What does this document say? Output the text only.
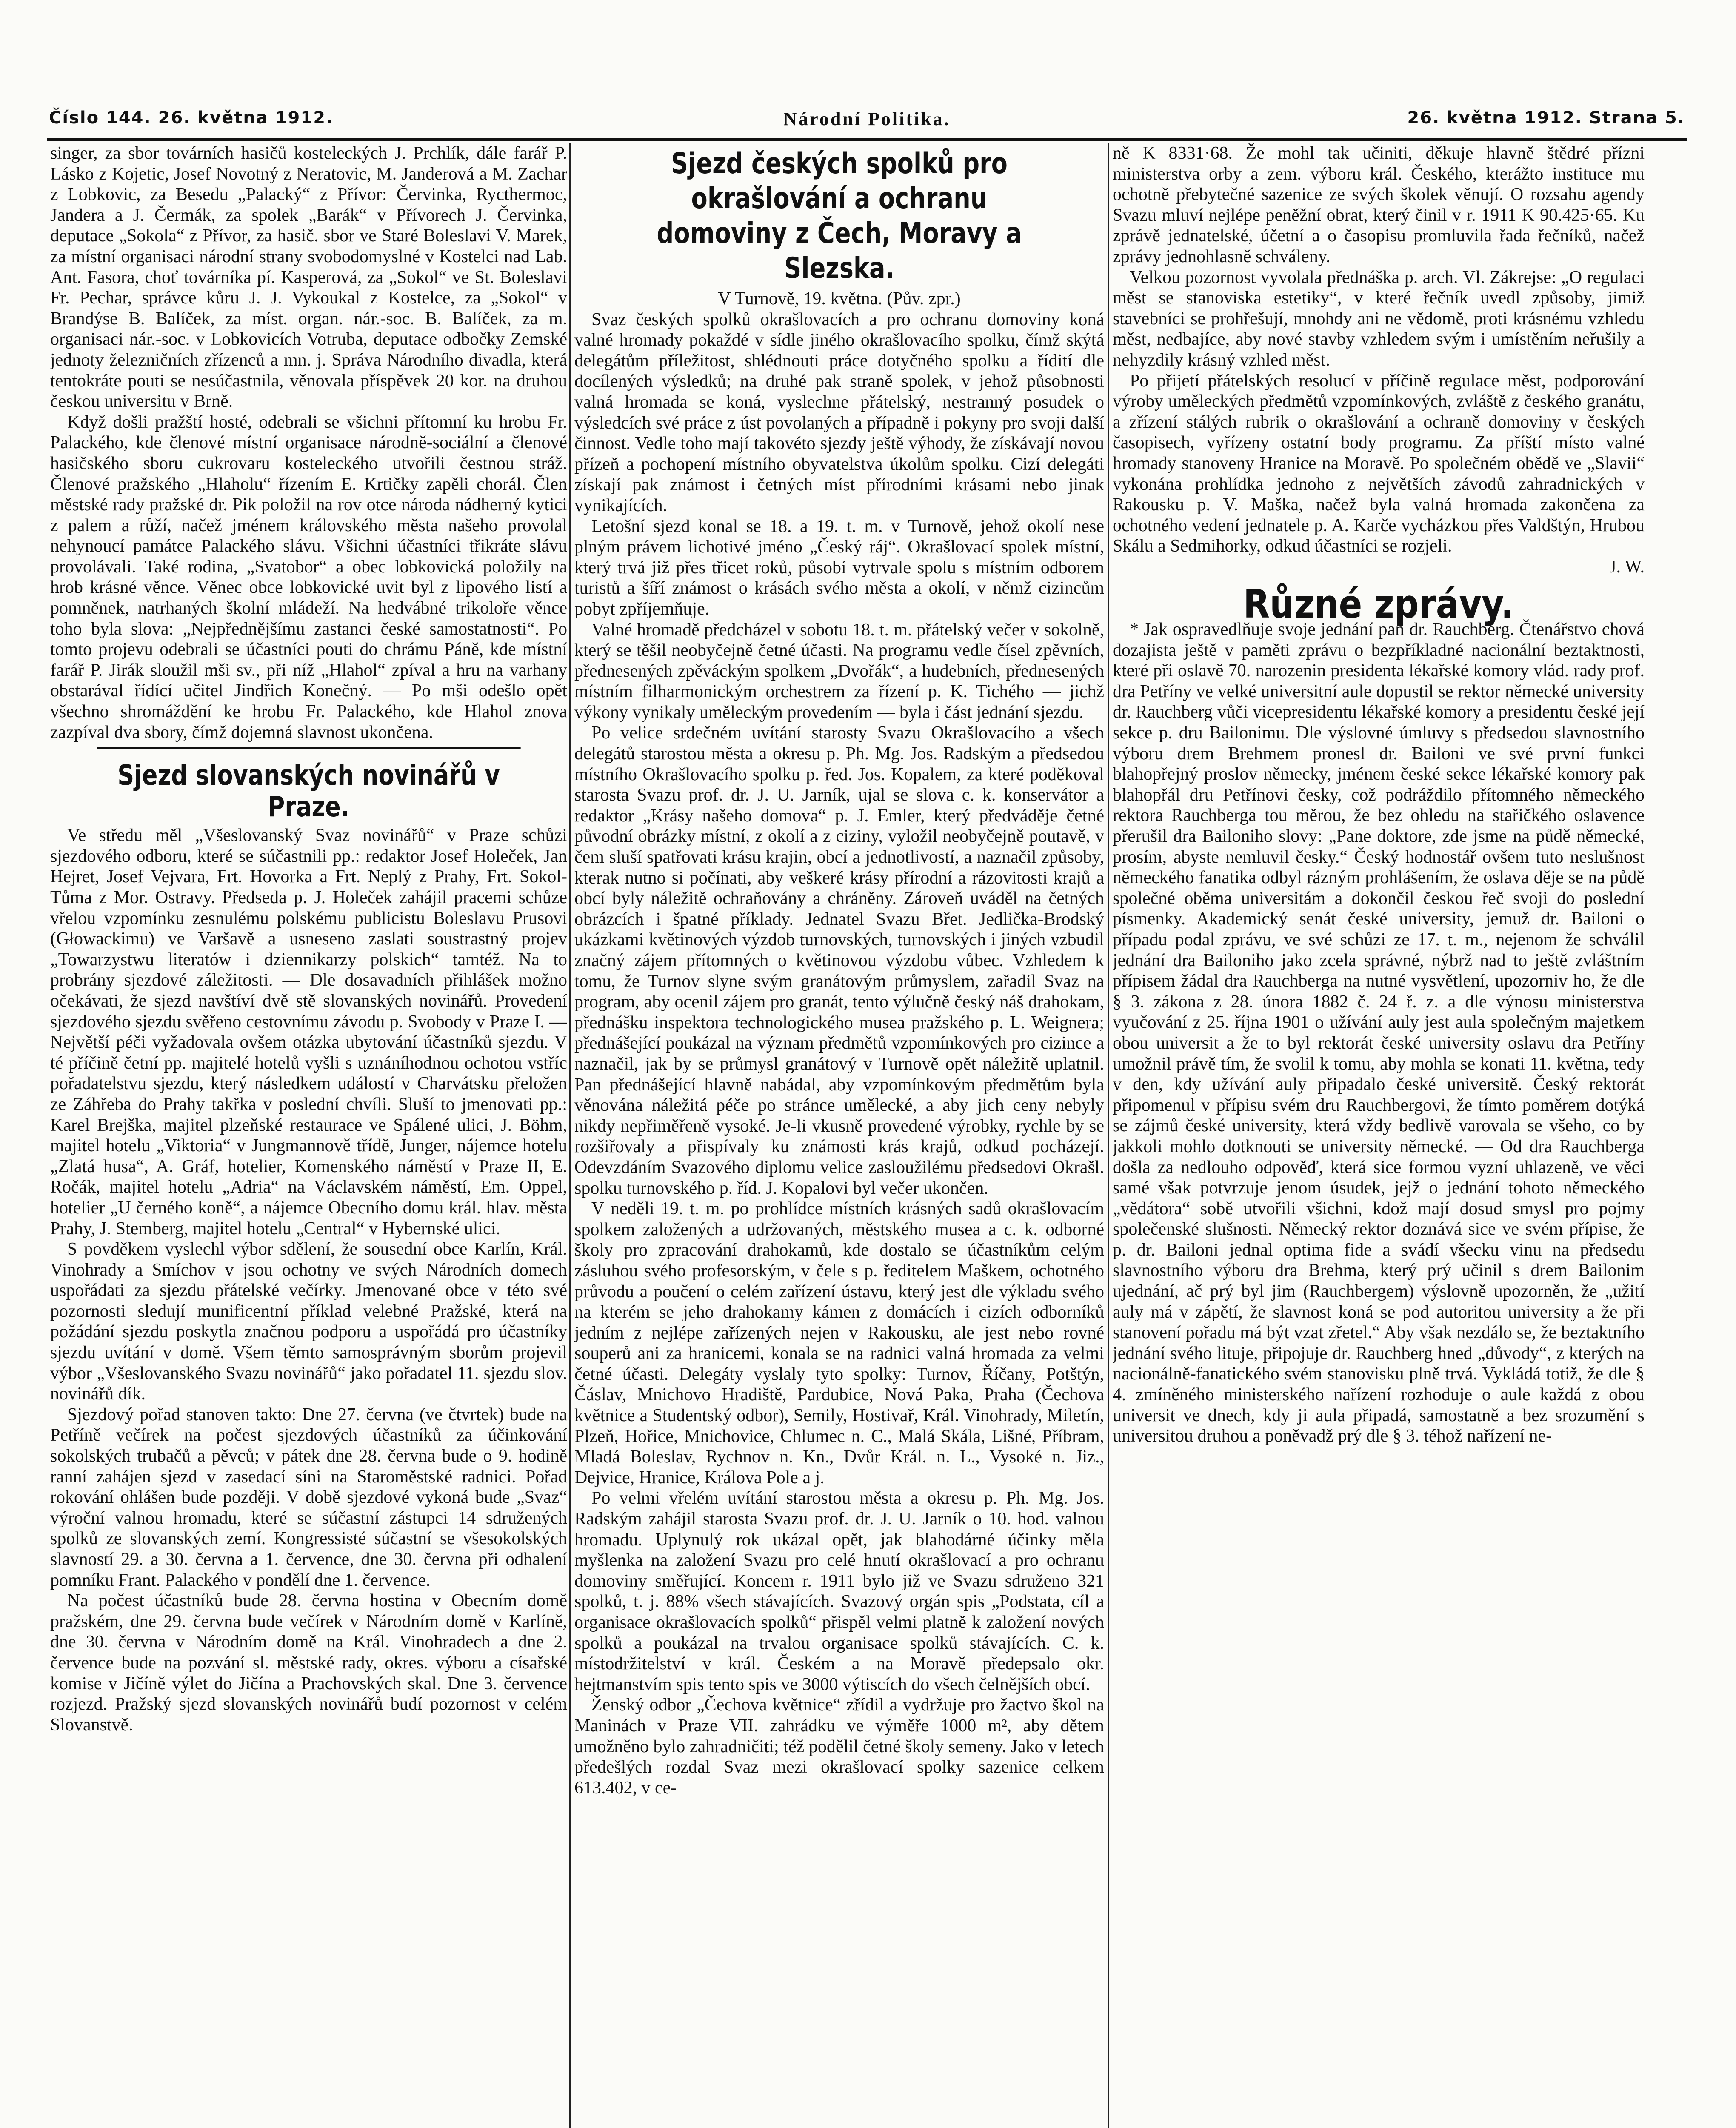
Číslo 144. 26. května 1912.	Národní Politika.	26. května 1912. Strana 5.

singer, za sbor továrních hasičů kosteleckých J. Prchlík, dále farář P. Lásko z Kojetic, Josef Novotný z Neratovic, M. Janderová a M. Zachar z Lobkovic, za Besedu „Palacký“ z Přívor: Červinka, Rycthermoc, Jandera a J. Čermák, za spolek „Barák“ v Přívorech J. Červinka, deputace „Sokola“ z Přívor, za hasič. sbor ve Staré Boleslavi V. Marek, za místní organisaci národní strany svobodomyslné v Kostelci nad Lab. Ant. Fasora, choť továrníka pí. Kasperová, za „Sokol“ ve St. Boleslavi Fr. Pechar, správce kůru J. J. Vykoukal z Kostelce, za „Sokol“ v Brandýse B. Balíček, za míst. organ. nár.-soc. B. Balíček, za m. organisaci nár.-soc. v Lobkovicích Votruba, deputace odbočky Zemské jednoty železničních zřízenců a mn. j. Správa Národního divadla, která tentokráte pouti se nesúčastnila, věnovala příspěvek 20 kor. na druhou českou universitu v Brně.

Když došli pražští hosté, odebrali se všichni přítomní ku hrobu Fr. Palackého, kde členové místní organisace národně-sociální a členové hasičského sboru cukrovaru kosteleckého utvořili čestnou stráž. Členové pražského „Hlaholu“ řízením E. Krtičky zapěli chorál. Člen městské rady pražské dr. Pik položil na rov otce národa nádherný kytici z palem a růží, načež jménem královského města našeho provolal nehynoucí památce Palackého slávu. Všichni účastníci třikráte slávu provolávali. Také rodina, „Svatobor“ a obec lobkovická položily na hrob krásné věnce. Věnec obce lobkovické uvit byl z lipového listí a pomněnek, natrhaných školní mládeží. Na hedvábné trikoloře věnce toho byla slova: „Nejpřednějšímu zastanci české samostatnosti“. Po tomto projevu odebrali se účastníci pouti do chrámu Páně, kde místní farář P. Jirák sloužil mši sv., při níž „Hlahol“ zpíval a hru na varhany obstarával řídící učitel Jindřich Konečný. — Po mši odešlo opět všechno shromáždění ke hrobu Fr. Palackého, kde Hlahol znova zazpíval dva sbory, čímž dojemná slavnost ukončena.

Sjezd slovanských novinářů v Praze.

Ve středu měl „Všeslovanský Svaz novinářů“ v Praze schůzi sjezdového odboru, které se súčastnili pp.: redaktor Josef Holeček, Jan Hejret, Josef Vejvara, Frt. Hovorka a Frt. Neplý z Prahy, Frt. Sokol-Tůma z Mor. Ostravy. Předseda p. J. Holeček zahájil pracemi schůze vřelou vzpomínku zesnulému polskému publicistu Boleslavu Prusovi (Głowackimu) ve Varšavě a usneseno zaslati soustrastný projev „Towarzystwu literatów i dziennikarzy polskich“ tamtéž. Na to probrány sjezdové záležitosti. — Dle dosavadních přihlášek možno očekávati, že sjezd navštíví dvě stě slovanských novinářů. Provedení sjezdového sjezdu svěřeno cestovnímu závodu p. Svobody v Praze I. — Největší péči vyžadovala ovšem otázka ubytování účastníků sjezdu. V té příčině četní pp. majitelé hotelů vyšli s uznáníhodnou ochotou vstříc pořadatelstvu sjezdu, který následkem událostí v Charvátsku přeložen ze Záhřeba do Prahy takřka v poslední chvíli. Sluší to jmenovati pp.: Karel Brejška, majitel plzeňské restaurace ve Spálené ulici, J. Böhm, majitel hotelu „Viktoria“ v Jungmannově třídě, Junger, nájemce hotelu „Zlatá husa“, A. Gráf, hotelier, Komenského náměstí v Praze II, E. Ročák, majitel hotelu „Adria“ na Václavském náměstí, Em. Oppel, hotelier „U černého koně“, a nájemce Obecního domu král. hlav. města Prahy, J. Stemberg, majitel hotelu „Central“ v Hybernské ulici.

S povděkem vyslechl výbor sdělení, že sousední obce Karlín, Král. Vinohrady a Smíchov v jsou ochotny ve svých Národních domech uspořádati za sjezdu přátelské večírky. Jmenované obce v této své pozornosti sledují munificentní příklad velebné Pražské, která na požádání sjezdu poskytla značnou podporu a uspořádá pro účastníky sjezdu uvítání v domě. Všem těmto samosprávným sborům projevil výbor „Všeslovanského Svazu novinářů“ jako pořadatel 11. sjezdu slov. novinářů dík.

Sjezdový pořad stanoven takto: Dne 27. června (ve čtvrtek) bude na Petříně večírek na počest sjezdových účastníků za účinkování sokolských trubačů a pěvců; v pátek dne 28. června bude o 9. hodině ranní zahájen sjezd v zasedací síni na Staroměstské radnici. Pořad rokování ohlášen bude později. V době sjezdové vykoná bude „Svaz“ výroční valnou hromadu, které se súčastní zástupci 14 sdružených spolků ze slovanských zemí. Kongressisté súčastní se všesokolských slavností 29. a 30. června a 1. července, dne 30. června při odhalení pomníku Frant. Palackého v pondělí dne 1. července.

Na počest účastníků bude 28. června hostina v Obecním domě pražském, dne 29. června bude večírek v Národním domě v Karlíně, dne 30. června v Národním domě na Král. Vinohradech a dne 2. července bude na pozvání sl. městské rady, okres. výboru a císařské komise v Jičíně výlet do Jičína a Prachovských skal. Dne 3. července rozjezd. Pražský sjezd slovanských novinářů budí pozornost v celém Slovanstvě.

Sjezd českých spolků pro okrašlování a ochranu domoviny z Čech, Moravy a Slezska.

V Turnově, 19. května. (Pův. zpr.)

Svaz českých spolků okrašlovacích a pro ochranu domoviny koná valné hromady pokaždé v sídle jiného okrašlovacího spolku, čímž skýtá delegátům příležitost, shlédnouti práce dotyčného spolku a řídití dle docílených výsledků; na druhé pak straně spolek, v jehož působnosti valná hromada se koná, vyslechne přátelský, nestranný posudek o výsledcích své práce z úst povolaných a případně i pokyny pro svoji další činnost. Vedle toho mají takovéto sjezdy ještě výhody, že získávají novou přízeň a pochopení místního obyvatelstva úkolům spolku. Cizí delegáti získají pak známost i četných míst přírodními krásami nebo jinak vynikajících.

Letošní sjezd konal se 18. a 19. t. m. v Turnově, jehož okolí nese plným právem lichotivé jméno „Český ráj“. Okrašlovací spolek místní, který trvá již přes třicet roků, působí vytrvale spolu s místním odborem turistů a šíří známost o krásách svého města a okolí, v němž cizincům pobyt zpříjemňuje.

Valné hromadě předcházel v sobotu 18. t. m. přátelský večer v sokolně, který se těšil neobyčejně četné účasti. Na programu vedle čísel zpěvních, přednesených zpěváckým spolkem „Dvořák“, a hudebních, přednesených místním filharmonickým orchestrem za řízení p. K. Tichého — jichž výkony vynikaly uměleckým provedením — byla i část jednání sjezdu.

Po velice srdečném uvítání starosty Svazu Okrašlovacího a všech delegátů starostou města a okresu p. Ph. Mg. Jos. Radským a předsedou místního Okrašlovacího spolku p. řed. Jos. Kopalem, za které poděkoval starosta Svazu prof. dr. J. U. Jarník, ujal se slova c. k. konservátor a redaktor „Krásy našeho domova“ p. J. Emler, který předváděje četné původní obrázky místní, z okolí a z ciziny, vyložil neobyčejně poutavě, v čem sluší spatřovati krásu krajin, obcí a jednotlivostí, a naznačil způsoby, kterak nutno si počínati, aby veškeré krásy přírodní a rázovitosti krajů a obcí byly náležitě ochraňovány a chráněny. Zároveň uváděl na četných obrázcích i špatné příklady. Jednatel Svazu Břet. Jedlička-Brodský ukázkami květinových výzdob turnovských, turnovských i jiných vzbudil značný zájem přítomných o květinovou výzdobu vůbec. Vzhledem k tomu, že Turnov slyne svým granátovým průmyslem, zařadil Svaz na program, aby ocenil zájem pro granát, tento výlučně český náš drahokam, přednášku inspektora technologického musea pražského p. L. Weignera; přednášející poukázal na význam předmětů vzpomínkových pro cizince a naznačil, jak by se průmysl granátový v Turnově opět náležitě uplatnil. Pan přednášející hlavně nabádal, aby vzpomínkovým předmětům byla věnována náležitá péče po stránce umělecké, a aby jich ceny nebyly nikdy nepřiměřeně vysoké. Je-li vkusně provedené výrobky, rychle by se rozšiřovaly a přispívaly ku známosti krás krajů, odkud pocházejí. Odevzdáním Svazového diplomu velice zasloužilému předsedovi Okrašl. spolku turnovského p. říd. J. Kopalovi byl večer ukončen.

V neděli 19. t. m. po prohlídce místních krásných sadů okrašlovacím spolkem založených a udržovaných, městského musea a c. k. odborné školy pro zpracování drahokamů, kde dostalo se účastníkům celým zásluhou svého profesorským, v čele s p. ředitelem Maškem, ochotného průvodu a poučení o celém zařízení ústavu, který jest dle výkladu svého na kterém se jeho drahokamy kámen z domácích i cizích odborníků jedním z nejlépe zařízených nejen v Rakousku, ale jest nebo rovné souperů ani za hranicemi, konala se na radnici valná hromada za velmi četné účasti. Delegáty vyslaly tyto spolky: Turnov, Říčany, Potštýn, Čáslav, Mnichovo Hradiště, Pardubice, Nová Paka, Praha (Čechova květnice a Studentský odbor), Semily, Hostivař, Král. Vinohrady, Miletín, Plzeň, Hořice, Mnichovice, Chlumec n. C., Malá Skála, Lišné, Příbram, Mladá Boleslav, Rychnov n. Kn., Dvůr Král. n. L., Vysoké n. Jiz., Dejvice, Hranice, Králova Pole a j.

Po velmi vřelém uvítání starostou města a okresu p. Ph. Mg. Jos. Radským zahájil starosta Svazu prof. dr. J. U. Jarník o 10. hod. valnou hromadu. Uplynulý rok ukázal opět, jak blahodárné účinky měla myšlenka na založení Svazu pro celé hnutí okrašlovací a pro ochranu domoviny směřující. Koncem r. 1911 bylo již ve Svazu sdruženo 321 spolků, t. j. 88% všech stávajících. Svazový orgán spis „Podstata, cíl a organisace okrašlovacích spolků“ přispěl velmi platně k založení nových spolků a poukázal na trvalou organisace spolků stávajících. C. k. místodržitelství v král. Českém a na Moravě předepsalo okr. hejtmanstvím spis tento spis ve 3000 výtiscích do všech čelnějších obcí.

Ženský odbor „Čechova květnice“ zřídil a vydržuje pro žactvo škol na Maninách v Praze VII. zahrádku ve výměře 1000 m², aby dětem umožněno bylo zahradničiti; též podělil četné školy semeny. Jako v letech předešlých rozdal Svaz mezi okrašlovací spolky sazenice celkem 613.402, v ce-

ně K 8331·68. Že mohl tak učiniti, děkuje hlavně štědré přízni ministerstva orby a zem. výboru král. Českého, kterážto instituce mu ochotně přebytečné sazenice ze svých školek věnují. O rozsahu agendy Svazu mluví nejlépe peněžní obrat, který činil v r. 1911 K 90.425·65. Ku zprávě jednatelské, účetní a o časopisu promluvila řada řečníků, načež zprávy jednohlasně schváleny.

Velkou pozornost vyvolala přednáška p. arch. Vl. Zákrejse: „O regulaci měst se stanoviska estetiky“, v které řečník uvedl způsoby, jimiž stavebníci se prohřešují, mnohdy ani ne vědomě, proti krásnému vzhledu měst, nedbajíce, aby nové stavby vzhledem svým i umístěním neřušily a nehyzdily krásný vzhled měst.

Po přijetí přátelských resolucí v příčině regulace měst, podporování výroby uměleckých předmětů vzpomínkových, zvláště z českého granátu, a zřízení stálých rubrik o okrašlování a ochraně domoviny v českých časopisech, vyřízeny ostatní body programu. Za příští místo valné hromady stanoveny Hranice na Moravě. Po společném obědě ve „Slavii“ vykonána prohlídka jednoho z největších závodů zahradnických v Rakousku p. V. Maška, načež byla valná hromada zakončena za ochotného vedení jednatele p. A. Karče vycházkou přes Valdštýn, Hrubou Skálu a Sedmihorky, odkud účastníci se rozjeli.

J. W.

Různé zprávy.

* Jak ospravedlňuje svoje jednání pan dr. Rauchberg. Čtenářstvo chová dozajista ještě v paměti zprávu o bezpříkladné nacionální beztaktnosti, které při oslavě 70. narozenin presidenta lékařské komory vlád. rady prof. dra Petříny ve velké universitní aule dopustil se rektor německé university dr. Rauchberg vůči vicepresidentu lékařské komory a presidentu české její sekce p. dru Bailonimu. Dle výslovné úmluvy s předsedou slavnostního výboru drem Brehmem pronesl dr. Bailoni ve své první funkci blahopřejný proslov německy, jménem české sekce lékařské komory pak blahopřál dru Petřínovi česky, což podráždilo přítomného německého rektora Rauchberga tou měrou, že bez ohledu na stařičkého oslavence přerušil dra Bailoniho slovy: „Pane doktore, zde jsme na půdě německé, prosím, abyste nemluvil česky.“ Český hodnostář ovšem tuto neslušnost německého fanatika odbyl rázným prohlášením, že oslava děje se na půdě společné oběma universitám a dokončil českou řeč svoji do poslední písmenky. Akademický senát české university, jemuž dr. Bailoni o případu podal zprávu, ve své schůzi ze 17. t. m., nejenom že schválil jednání dra Bailoniho jako zcela správné, nýbrž nad to ještě zvláštním přípisem žádal dra Rauchberga na nutné vysvětlení, upozorniv ho, že dle § 3. zákona z 28. února 1882 č. 24 ř. z. a dle výnosu ministerstva vyučování z 25. října 1901 o užívání auly jest aula společným majetkem obou universit a že to byl rektorát české university oslavu dra Petříny umožnil právě tím, že svolil k tomu, aby mohla se konati 11. května, tedy v den, kdy užívání auly připadalo české universitě. Český rektorát připomenul v přípisu svém dru Rauchbergovi, že tímto poměrem dotýká se zájmů české university, která vždy bedlivě varovala se všeho, co by jakkoli mohlo dotknouti se university německé. — Od dra Rauchberga došla za nedlouho odpověď, která sice formou vyzní uhlazeně, ve věci samé však potvrzuje jenom úsudek, jejž o jednání tohoto německého „vědátora“ sobě utvořili všichni, kdož mají dosud smysl pro pojmy společenské slušnosti. Německý rektor doznává sice ve svém přípise, že p. dr. Bailoni jednal optima fide a svádí všecku vinu na předsedu slavnostního výboru dra Brehma, který prý učinil s drem Bailonim ujednání, ač prý byl jim (Rauchbergem) výslovně upozorněn, že „užití auly má v zápětí, že slavnost koná se pod autoritou university a že při stanovení pořadu má být vzat zřetel.“ Aby však nezdálo se, že beztaktního jednání svého lituje, připojuje dr. Rauchberg hned „důvody“, z kterých na nacionálně-fanatického svém stanovisku plně trvá. Vykládá totiž, že dle § 4. zmíněného ministerského nařízení rozhoduje o aule každá z obou universit ve dnech, kdy ji aula připadá, samostatně a bez srozumění s universitou druhou a poněvadž prý dle § 3. téhož nařízení ne-
